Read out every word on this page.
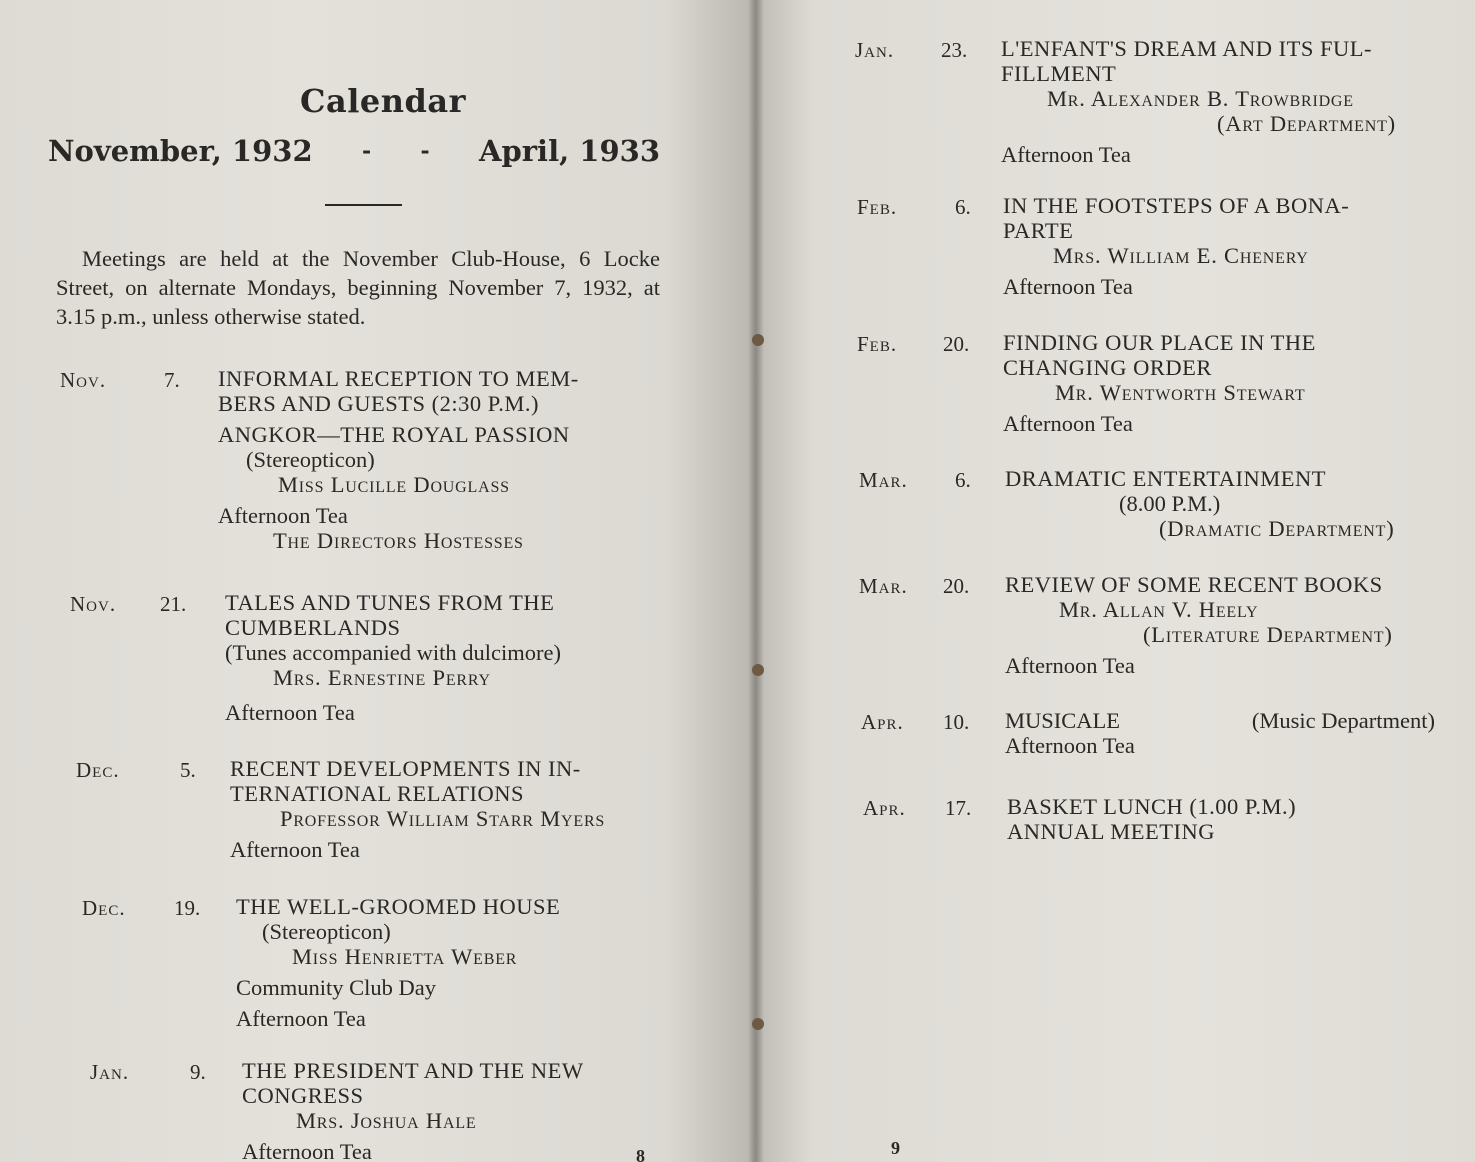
Calendar
November, 1932 - - April, 1933
Meetings are held at the November Club-House, 6 Locke Street, on alternate Mondays, beginning November 7, 1932, at 3.15 p.m., unless otherwise stated.
Nov.	7. INFORMAL RECEPTION TO MEM-
BERS AND GUESTS (2:30 P.M.)
ANGKOR—THE ROYAL PASSION
(Stereopticon)
Miss Lucille Douglass
Afternoon Tea
The Directors Hostesses
Nov. 21. TALES AND TUNES FROM THE
CUMBERLANDS
(Tunes accompanied with dulcimore)
Mrs. Ernestine Perry
Afternoon Tea
Dec.	5. RECENT DEVELOPMENTS IN IN-
TERNATIONAL RELATIONS
Professor William Starr Myers
Afternoon Tea
Dec. 19. THE WELL-GROOMED HOUSE
(Stereopticon)
Miss Henrietta Weber
Community Club Day
Afternoon Tea
Jan.	9. THE PRESIDENT AND THE NEW
CONGRESS
Mrs. Joshua Hale
Afternoon Tea	8
Jan. 23. L'ENFANT'S DREAM AND ITS FUL-
FILLMENT
Mr. Alexander B. Trowbridge
(Art Department)
Afternoon Tea
Feb.	6. IN THE FOOTSTEPS OF A BONA-
PARTE
Mrs. William E. Chenery
Afternoon Tea
Feb. 20. FINDING OUR PLACE IN THE
CHANGING ORDER
Mr. Wentworth Stewart
Afternoon Tea
Mar. 6. DRAMATIC ENTERTAINMENT
(8.00 P.M.)
(Dramatic Department)
Mar. 20. REVIEW OF SOME RECENT BOOKS
Mr. Allan V. Heely
(Literature Department)
Afternoon Tea
Apr. 10. MUSICALE	(Music Department)
Afternoon Tea
Apr. 17. BASKET LUNCH (1.00 P.M.)
ANNUAL MEETING
9
